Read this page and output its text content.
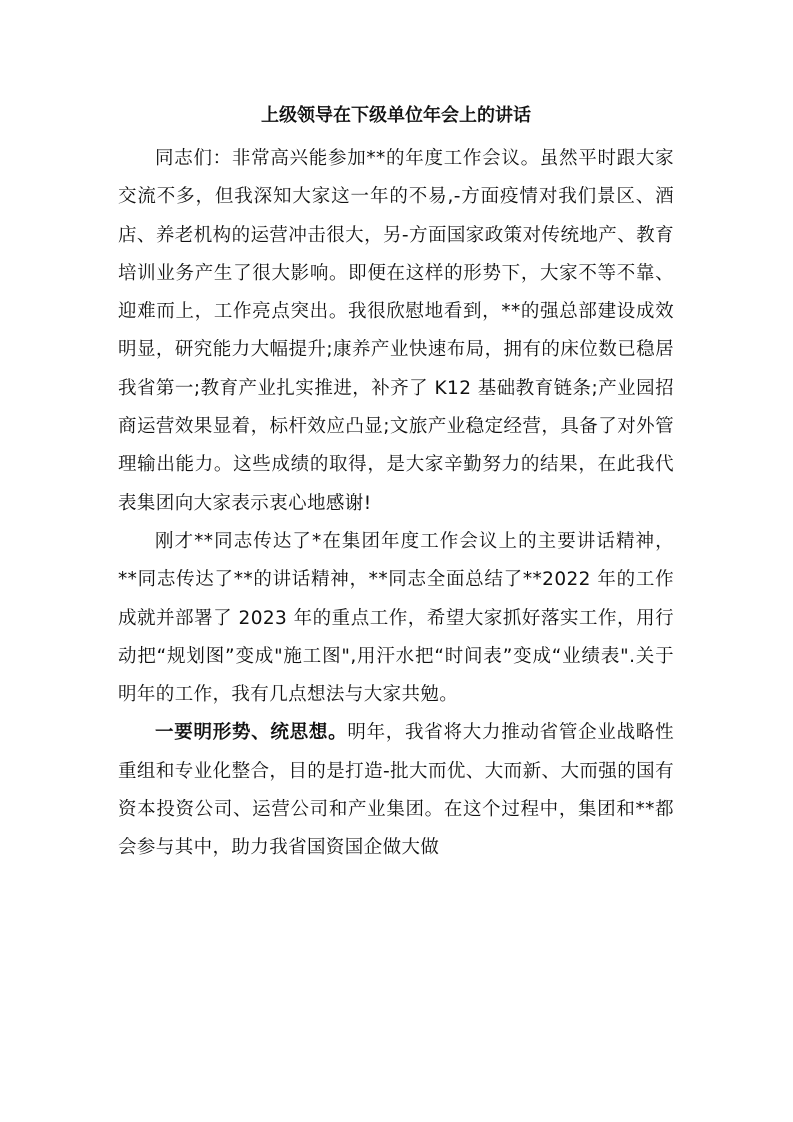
上级领导在下级单位年会上的讲话

同志们：非常高兴能参加**的年度工作会议。虽然平时跟大家交流不多，但我深知大家这一年的不易,-方面疫情对我们景区、酒店、养老机构的运营冲击很大，另-方面国家政策对传统地产、教育培训业务产生了很大影响。即便在这样的形势下，大家不等不靠、迎难而上，工作亮点突出。我很欣慰地看到，**的强总部建设成效明显，研究能力大幅提升;康养产业快速布局，拥有的床位数已稳居我省第一;教育产业扎实推进，补齐了 K12 基础教育链条;产业园招商运营效果显着，标杆效应凸显;文旅产业稳定经营，具备了对外管理输出能力。这些成绩的取得，是大家辛勤努力的结果，在此我代表集团向大家表示衷心地感谢!

刚才**同志传达了*在集团年度工作会议上的主要讲话精神，**同志传达了**的讲话精神，**同志全面总结了**2022 年的工作成就并部署了 2023 年的重点工作，希望大家抓好落实工作，用行动把“规划图”变成"施工图",用汗水把“时间表”变成“业绩表".关于明年的工作，我有几点想法与大家共勉。

一要明形势、统思想。明年，我省将大力推动省管企业战略性重组和专业化整合，目的是打造-批大而优、大而新、大而强的国有资本投资公司、运营公司和产业集团。在这个过程中，集团和**都会参与其中，助力我省国资国企做大做
